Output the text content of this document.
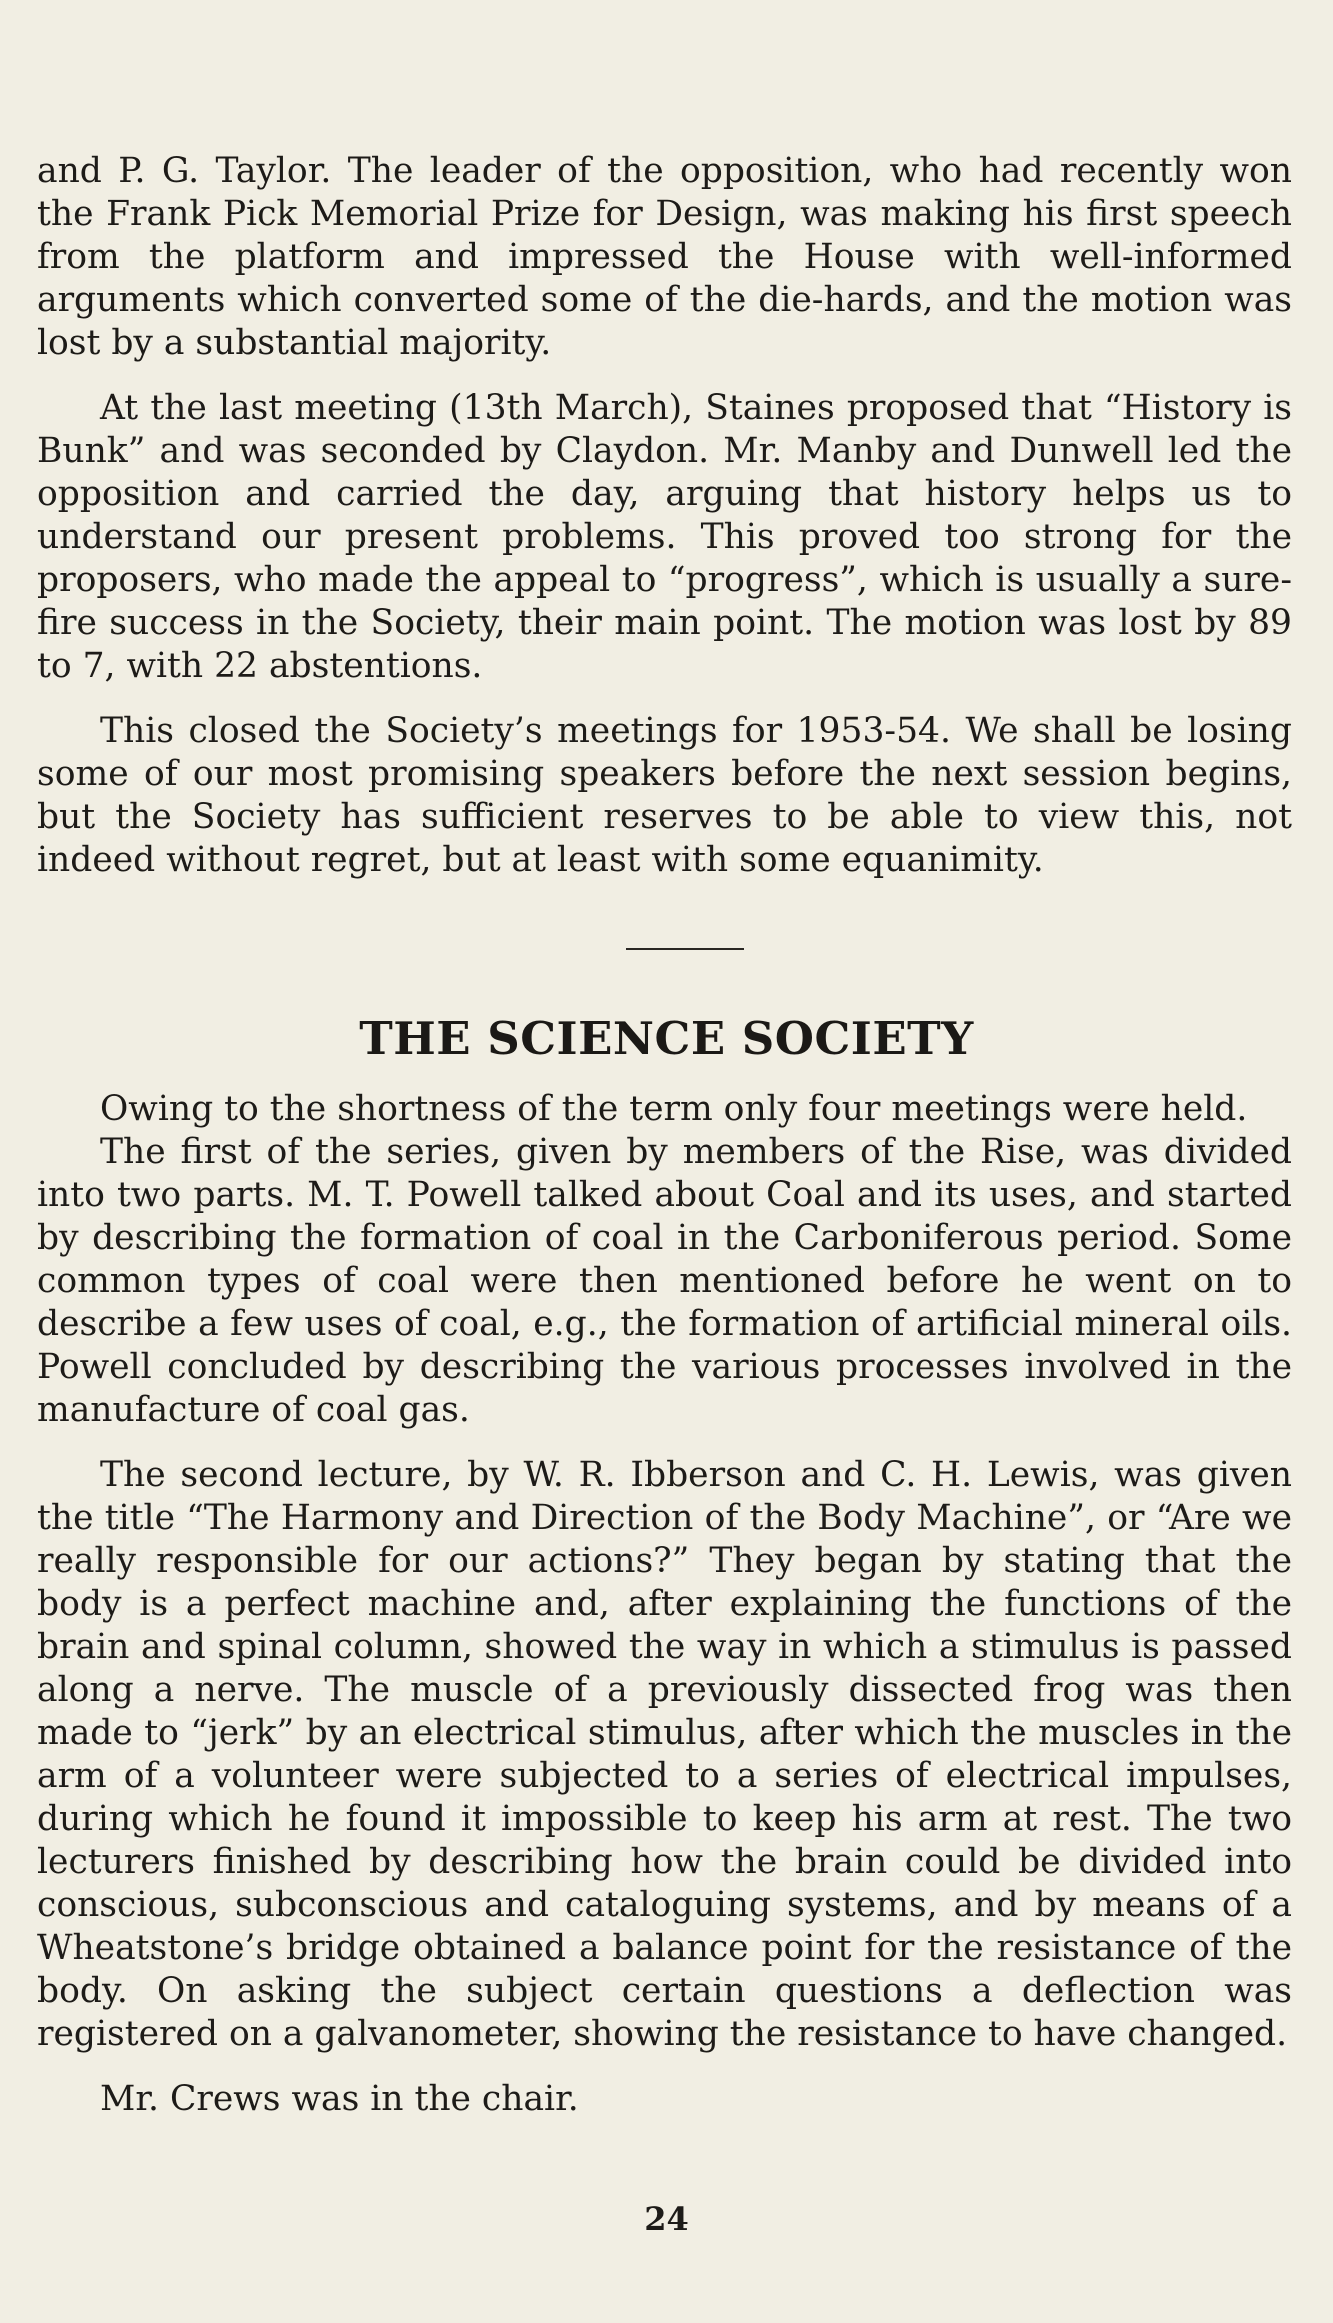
and P. G. Taylor. The leader of the opposition, who had recently won the Frank Pick Memorial Prize for Design, was making his first speech from the platform and impressed the House with well-informed arguments which converted some of the die-hards, and the motion was lost by a substantial majority.

At the last meeting (13th March), Staines proposed that “History is Bunk” and was seconded by Claydon. Mr. Manby and Dunwell led the opposition and carried the day, arguing that history helps us to understand our present problems. This proved too strong for the proposers, who made the appeal to “progress”, which is usually a sure-fire success in the Society, their main point. The motion was lost by 89 to 7, with 22 abstentions.

This closed the Society’s meetings for 1953-54. We shall be losing some of our most promising speakers before the next session begins, but the Society has sufficient reserves to be able to view this, not indeed without regret, but at least with some equanimity.

THE SCIENCE SOCIETY

Owing to the shortness of the term only four meetings were held.

The first of the series, given by members of the Rise, was divided into two parts. M. T. Powell talked about Coal and its uses, and started by describing the formation of coal in the Carboniferous period. Some common types of coal were then mentioned before he went on to describe a few uses of coal, e.g., the formation of artificial mineral oils. Powell concluded by describing the various processes involved in the manufacture of coal gas.

The second lecture, by W. R. Ibberson and C. H. Lewis, was given the title “The Harmony and Direction of the Body Machine”, or “Are we really responsible for our actions?” They began by stating that the body is a perfect machine and, after explaining the functions of the brain and spinal column, showed the way in which a stimulus is passed along a nerve. The muscle of a previously dissected frog was then made to “jerk” by an electrical stimulus, after which the muscles in the arm of a volunteer were subjected to a series of electrical impulses, during which he found it impossible to keep his arm at rest. The two lecturers finished by describing how the brain could be divided into conscious, subconscious and cataloguing systems, and by means of a Wheatstone’s bridge obtained a balance point for the resistance of the body. On asking the subject certain questions a deflection was registered on a galvanometer, showing the resistance to have changed.

Mr. Crews was in the chair.

24
